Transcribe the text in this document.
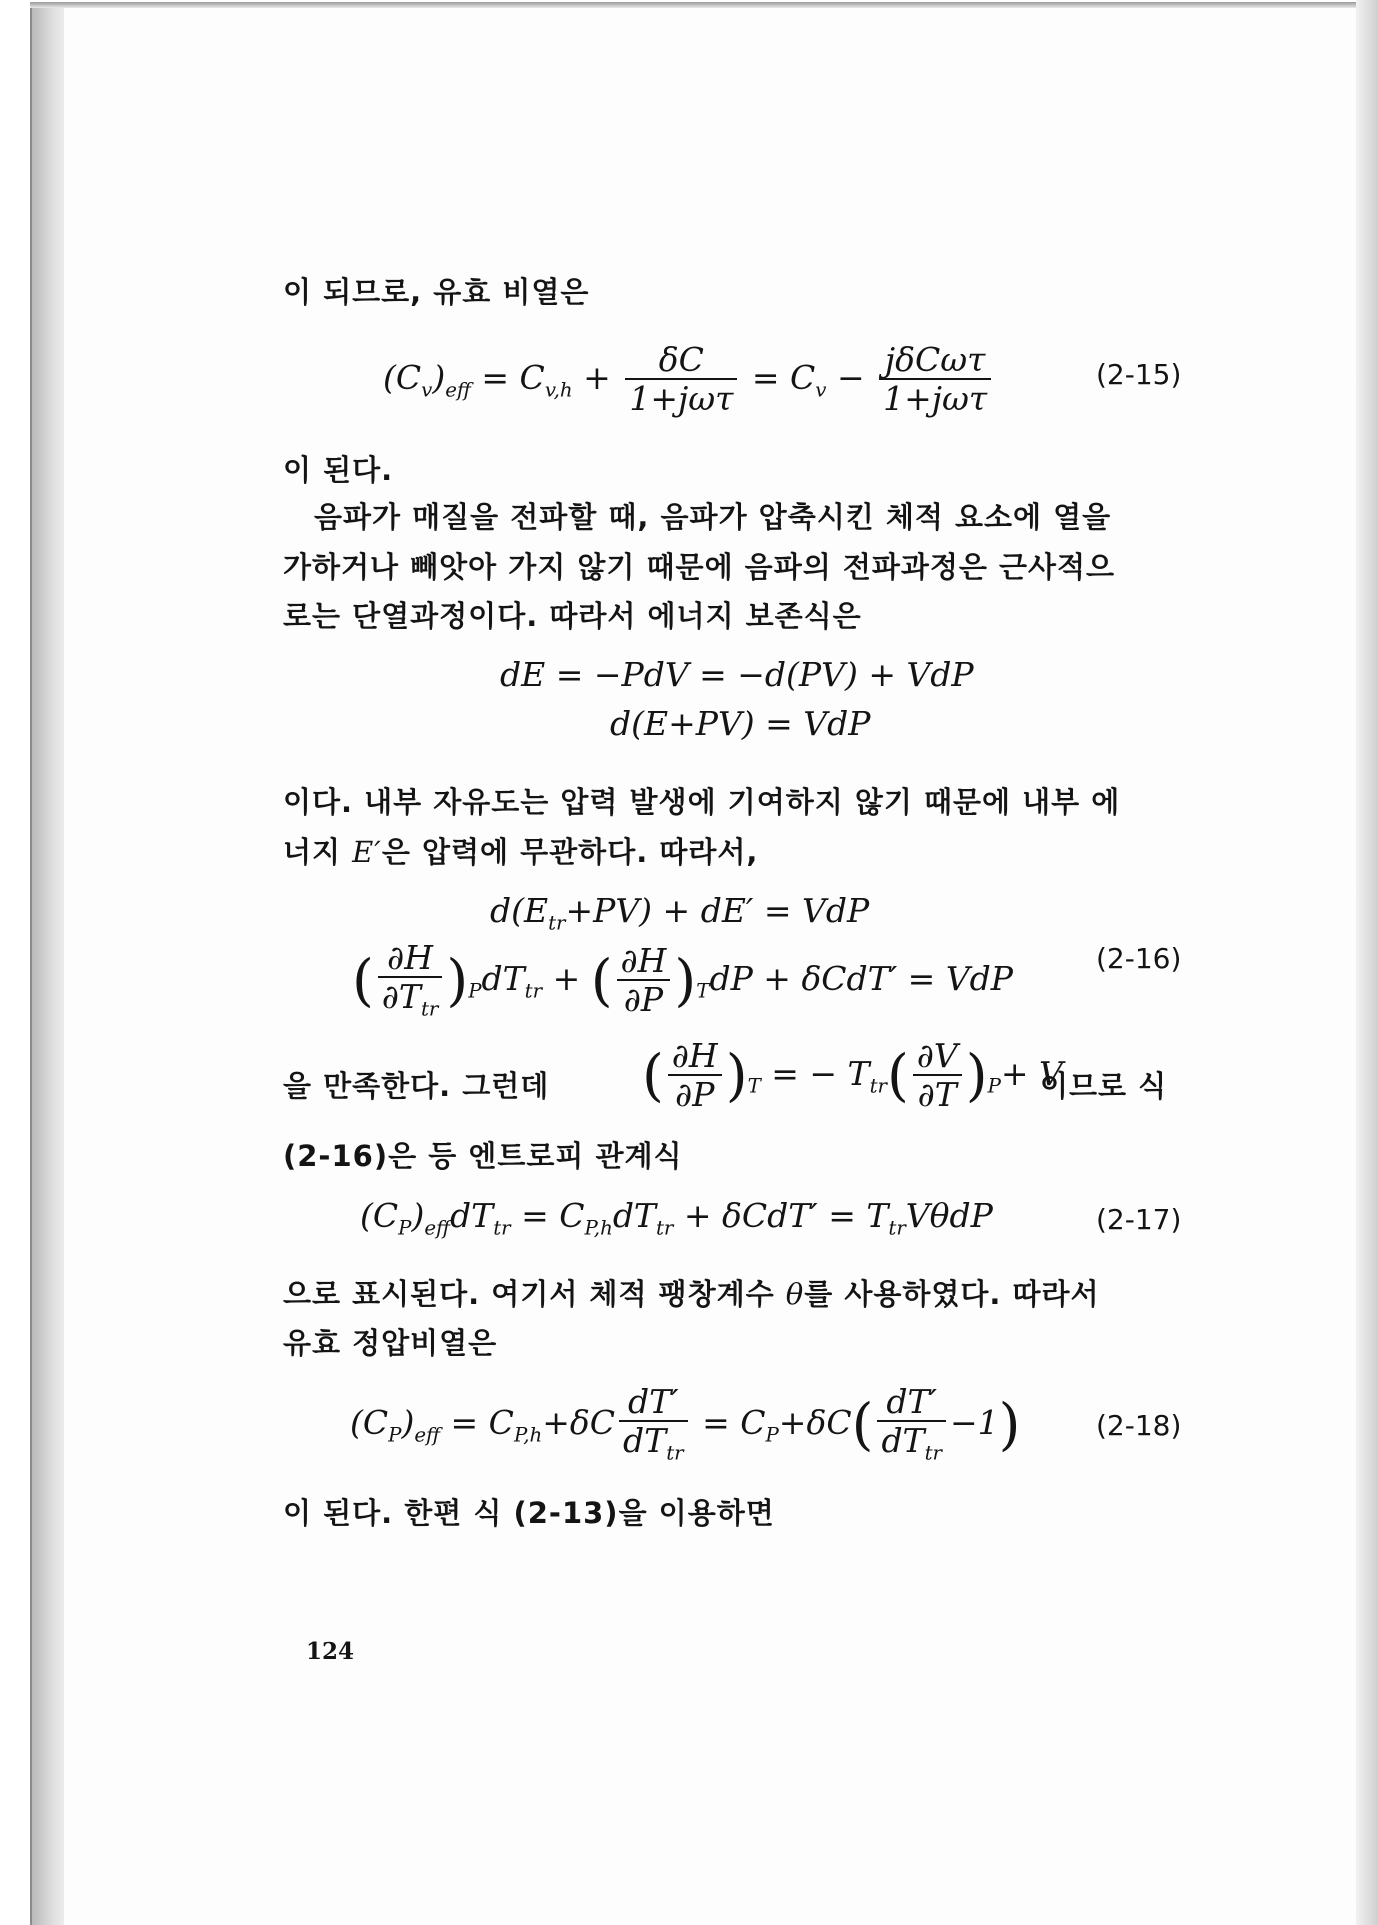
이 되므로, 유효 비열은
$(C_v)_{eff} = C_{v,h} + \frac{\delta C}{\text{1+jωτ}} = C_v - \frac{\text{jδCωτ}}{\text{1+jωτ}}$	(2-15)
이 된다.
음파가 매질을 전파할 때, 음파가 압축시킨 체적 요소에 열을
가하거나 빼앗아 가지 않기 때문에 음파의 전파과정은 근사적으
로는 단열과정이다. 따라서 에너지 보존식은
dE = −PdV = −d(PV) + VdP
d(E+PV) = VdP
이다. 내부 자유도는 압력 발생에 기여하지 않기 때문에 내부 에
너지 E′은 압력에 무관하다. 따라서,
$d(E_{tr}+PV) + dE'$ = VdP
(2-16)
( $\frac{\partial H}{\partial T_{tr}} )_PdT_{tr}$ + ( $\frac{\partial H}{\partial P} )_TdP + \delta CdT'$ = VdP
을 만족한다. 그런데 ( $\frac{\partial H}{\partial P} )_T$ = − $T_{tr}( \frac{\partial V}{\partial T} )_P+ V$
이므로 식
(2-16)은 등 엔트로피 관계식
$(C_P)_{eff}dT_{tr} = C_{P,h}dT_{tr} + \delta CdT' = T_{tr}V\theta dP$	(2-17)
으로 표시된다. 여기서 체적 팽창계수 θ를 사용하였다. 따라서
유효 정압비열은
$(C_P)_{eff} = C_{P,h}+\delta C \frac{dT'}{dT_{tr}} = C_P+\delta C( \frac{dT'}{dT_{tr}} -1)$	(2-18)
이 된다. 한편 식 (2-13)을 이용하면
124
